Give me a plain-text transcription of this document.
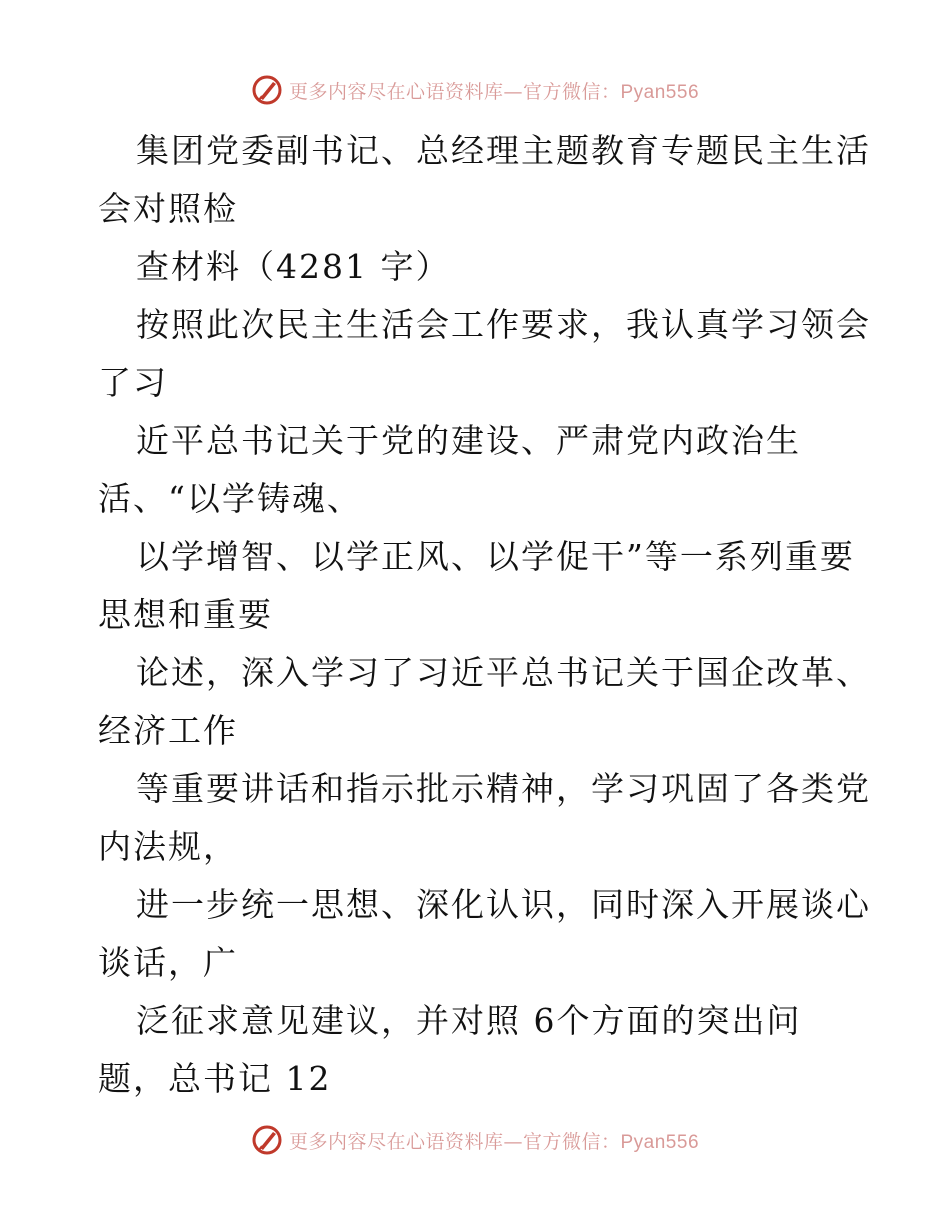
更多内容尽在心语资料库—官方微信：Pyan556
集团党委副书记、总经理主题教育专题民主生活
会对照检
查材料（4281 字）
按照此次民主生活会工作要求，我认真学习领会
了习
近平总书记关于党的建设、严肃党内政治生
活、“以学铸魂、
以学增智、以学正风、以学促干”等一系列重要
思想和重要
论述，深入学习了习近平总书记关于国企改革、
经济工作
等重要讲话和指示批示精神，学习巩固了各类党
内法规，
进一步统一思想、深化认识，同时深入开展谈心
谈话，广
泛征求意见建议，并对照 6个方面的突出问
题，总书记 12
更多内容尽在心语资料库—官方微信：Pyan556
